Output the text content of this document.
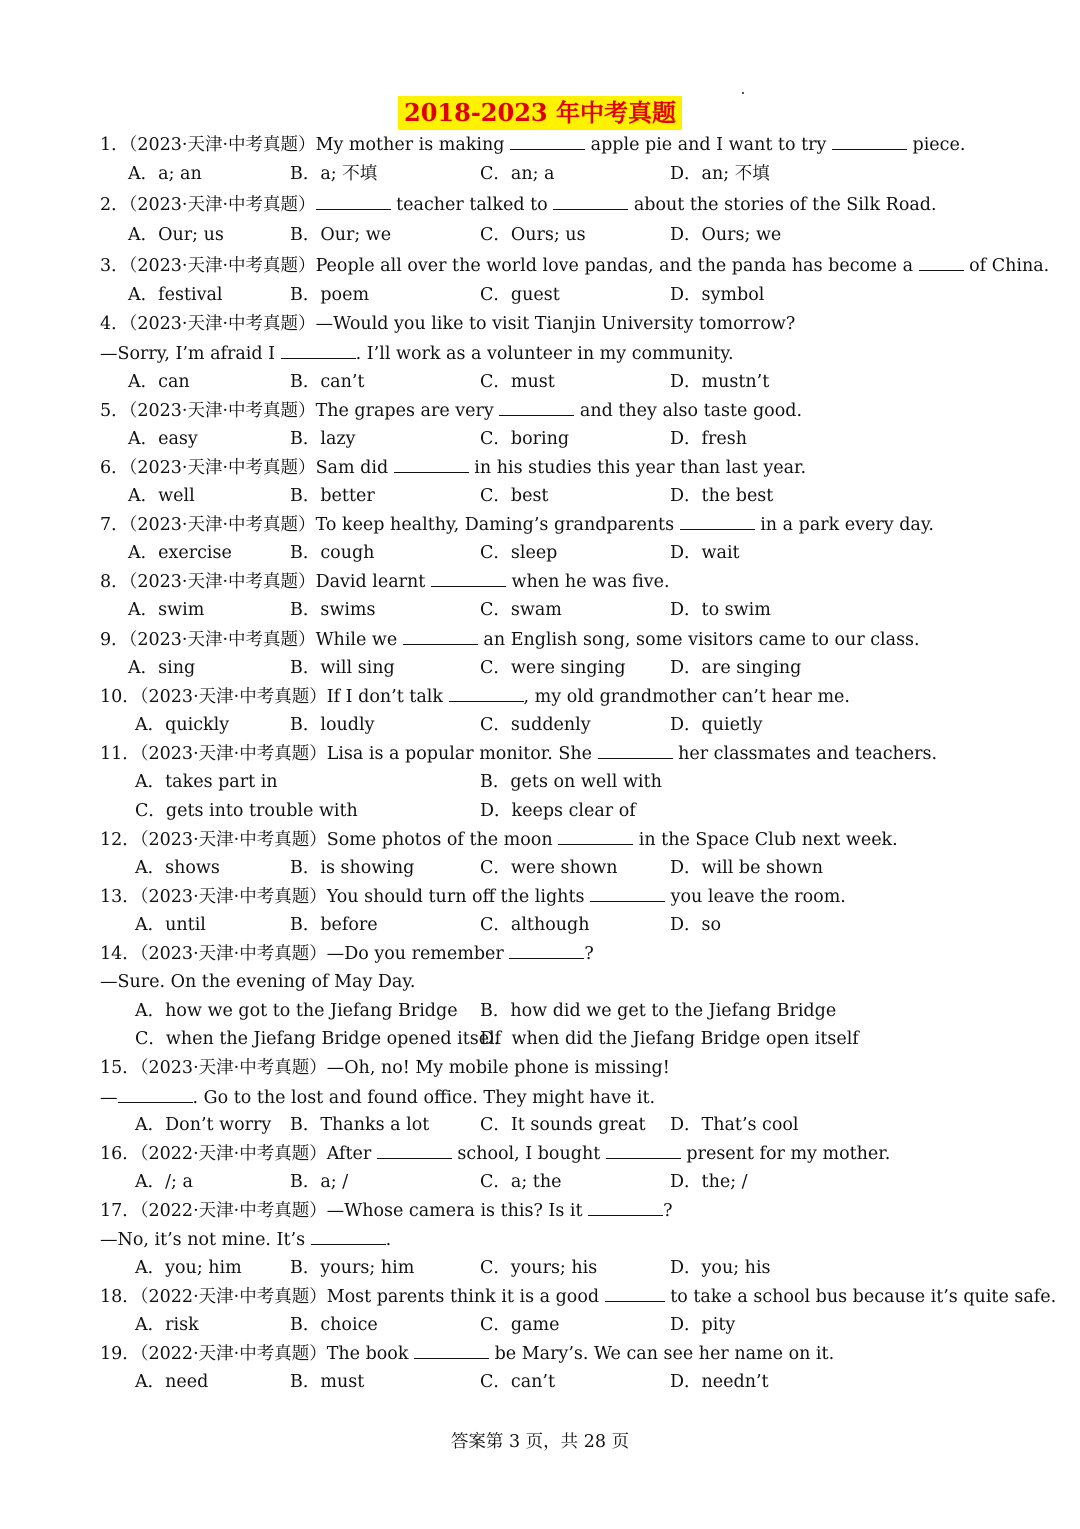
2018-2023 年中考真题
1．（2023·天津·中考真题）My mother is making	apple pie and I want to try	piece.
A．a; an	B．a; 不填	C．an; a	D．an; 不填
2．（2023·天津·中考真题）	teacher talked to	about the stories of the Silk Road.
A．Our; us	B．Our; we	C．Ours; us	D．Ours; we
3．（2023·天津·中考真题）People all over the world love pandas, and the panda has become a	of China.
A．festival	B．poem	C．guest	D．symbol
4．（2023·天津·中考真题）—Would you like to visit Tianjin University tomorrow?
—Sorry, I’m afraid I	. I’ll work as a volunteer in my community.
A．can	B．can’t	C．must	D．mustn’t
5．（2023·天津·中考真题）The grapes are very	and they also taste good.
A．easy	B．lazy	C．boring	D．fresh
6．（2023·天津·中考真题）Sam did	in his studies this year than last year.
A．well	B．better	C．best	D．the best
7．（2023·天津·中考真题）To keep healthy, Daming’s grandparents	in a park every day.
A．exercise	B．cough	C．sleep	D．wait
8．（2023·天津·中考真题）David learnt	when he was five.
A．swim	B．swims	C．swam	D．to swim
9．（2023·天津·中考真题）While we	an English song, some visitors came to our class.
A．sing	B．will sing	C．were singing	D．are singing
10．（2023·天津·中考真题）If I don’t talk	, my old grandmother can’t hear me.
A．quickly	B．loudly	C．suddenly	D．quietly
11．（2023·天津·中考真题）Lisa is a popular monitor. She	her classmates and teachers.
A．takes part in	B．gets on well with
C．gets into trouble with	D．keeps clear of
12．（2023·天津·中考真题）Some photos of the moon	in the Space Club next week.
A．shows	B．is showing	C．were shown	D．will be shown
13．（2023·天津·中考真题）You should turn off the lights	you leave the room.
A．until	B．before	C．although	D．so
14．（2023·天津·中考真题）—Do you remember	?
—Sure. On the evening of May Day.
A．how we got to the Jiefang Bridge B．how did we get to the Jiefang Bridge
C．when the Jiefang Bridge opened itself
D．when did the Jiefang Bridge open itself
15．（2023·天津·中考真题）—Oh, no! My mobile phone is missing!
—	. Go to the lost and found office. They might have it.
A．Don’t worry B．Thanks a lot	C．It sounds great D．That’s cool
16．（2022·天津·中考真题）After	school, I bought	present for my mother.
A．/; a	B．a; /	C．a; the	D．the; /
17．（2022·天津·中考真题）—Whose camera is this? Is it	?
—No, it’s not mine. It’s	.
A．you; him	B．yours; him	C．yours; his	D．you; his
18．（2022·天津·中考真题）Most parents think it is a good	to take a school bus because it’s quite safe.
A．risk	B．choice	C．game	D．pity
19．（2022·天津·中考真题）The book	be Mary’s. We can see her name on it.
A．need	B．must	C．can’t	D．needn’t
答案第 3 页，共 28 页
